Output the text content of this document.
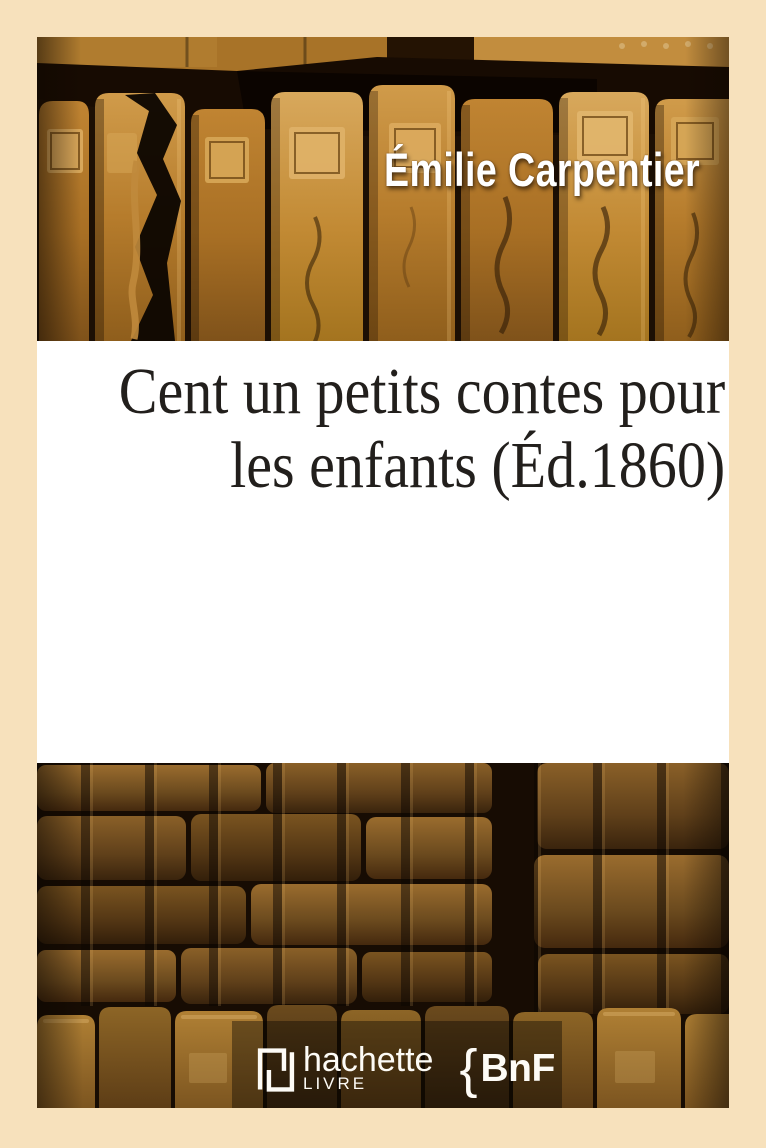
Émilie Carpentier
Cent un petits contes pour
les enfants (Éd.1860)
hachette
LIVRE	{ BnF
